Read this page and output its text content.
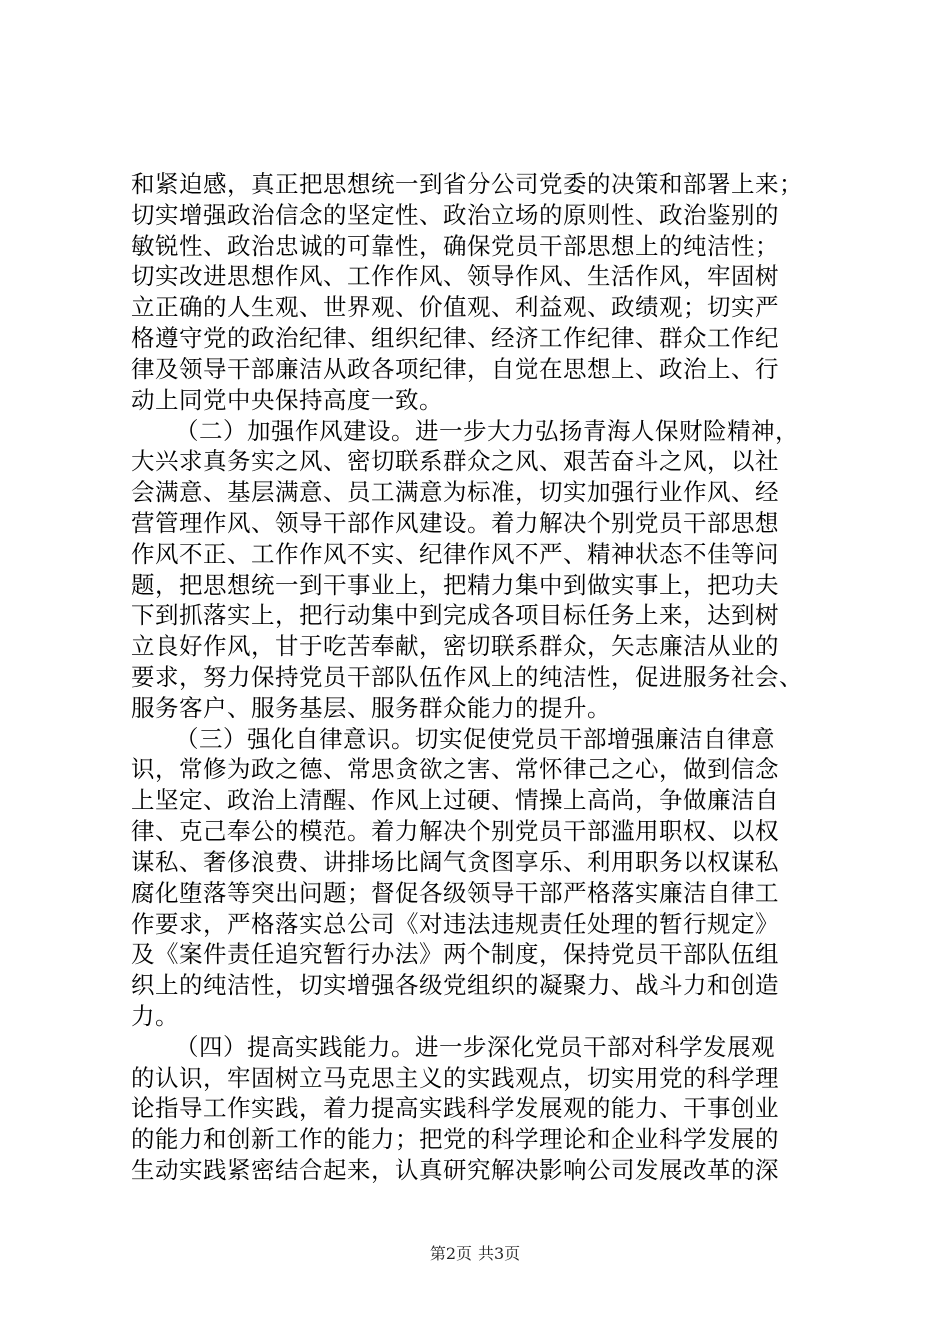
和紧迫感，真正把思想统一到省分公司党委的决策和部署上来；
切实增强政治信念的坚定性、政治立场的原则性、政治鉴别的
敏锐性、政治忠诚的可靠性，确保党员干部思想上的纯洁性；
切实改进思想作风、工作作风、领导作风、生活作风，牢固树
立正确的人生观、世界观、价值观、利益观、政绩观；切实严
格遵守党的政治纪律、组织纪律、经济工作纪律、群众工作纪
律及领导干部廉洁从政各项纪律，自觉在思想上、政治上、行
动上同党中央保持高度一致。
（二）加强作风建设。进一步大力弘扬青海人保财险精神，
大兴求真务实之风、密切联系群众之风、艰苦奋斗之风，以社
会满意、基层满意、员工满意为标准，切实加强行业作风、经
营管理作风、领导干部作风建设。着力解决个别党员干部思想
作风不正、工作作风不实、纪律作风不严、精神状态不佳等问
题，把思想统一到干事业上，把精力集中到做实事上，把功夫
下到抓落实上，把行动集中到完成各项目标任务上来，达到树
立良好作风，甘于吃苦奉献，密切联系群众，矢志廉洁从业的
要求，努力保持党员干部队伍作风上的纯洁性，促进服务社会、
服务客户、服务基层、服务群众能力的提升。
（三）强化自律意识。切实促使党员干部增强廉洁自律意
识，常修为政之德、常思贪欲之害、常怀律己之心，做到信念
上坚定、政治上清醒、作风上过硬、情操上高尚，争做廉洁自
律、克己奉公的模范。着力解决个别党员干部滥用职权、以权
谋私、奢侈浪费、讲排场比阔气贪图享乐、利用职务以权谋私
腐化堕落等突出问题；督促各级领导干部严格落实廉洁自律工
作要求，严格落实总公司《对违法违规责任处理的暂行规定》
及《案件责任追究暂行办法》两个制度，保持党员干部队伍组
织上的纯洁性，切实增强各级党组织的凝聚力、战斗力和创造
力。
（四）提高实践能力。进一步深化党员干部对科学发展观
的认识，牢固树立马克思主义的实践观点，切实用党的科学理
论指导工作实践，着力提高实践科学发展观的能力、干事创业
的能力和创新工作的能力；把党的科学理论和企业科学发展的
生动实践紧密结合起来，认真研究解决影响公司发展改革的深
第2页 共3页
